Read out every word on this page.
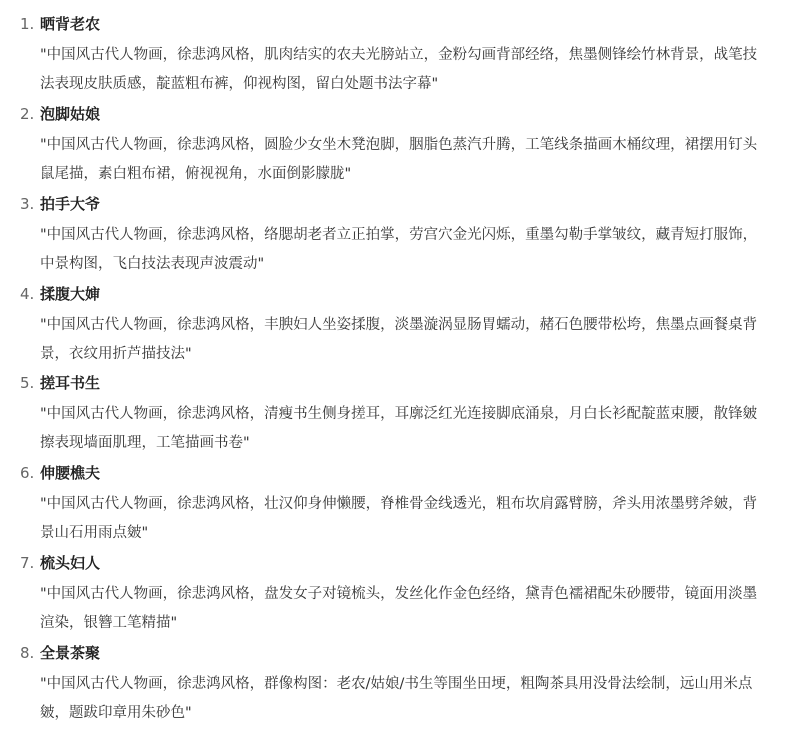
1. 晒背老农
"中国风古代人物画，徐悲鸿风格，肌肉结实的农夫光膀站立，金粉勾画背部经络，焦墨侧锋绘竹林背景，战笔技法表现皮肤质感，靛蓝粗布裤，仰视构图，留白处题书法字幕"
2. 泡脚姑娘
"中国风古代人物画，徐悲鸿风格，圆脸少女坐木凳泡脚，胭脂色蒸汽升腾，工笔线条描画木桶纹理，裙摆用钉头鼠尾描，素白粗布裙，俯视视角，水面倒影朦胧"
3. 拍手大爷
"中国风古代人物画，徐悲鸿风格，络腮胡老者立正拍掌，劳宫穴金光闪烁，重墨勾勒手掌皱纹，藏青短打服饰，中景构图，飞白技法表现声波震动"
4. 揉腹大婶
"中国风古代人物画，徐悲鸿风格，丰腴妇人坐姿揉腹，淡墨漩涡显肠胃蠕动，赭石色腰带松垮，焦墨点画餐桌背景，衣纹用折芦描技法"
5. 搓耳书生
"中国风古代人物画，徐悲鸿风格，清瘦书生侧身搓耳，耳廓泛红光连接脚底涌泉，月白长衫配靛蓝束腰，散锋皴擦表现墙面肌理，工笔描画书卷"
6. 伸腰樵夫
"中国风古代人物画，徐悲鸿风格，壮汉仰身伸懒腰，脊椎骨金线透光，粗布坎肩露臂膀，斧头用浓墨劈斧皴，背景山石用雨点皴"
7. 梳头妇人
"中国风古代人物画，徐悲鸿风格，盘发女子对镜梳头，发丝化作金色经络，黛青色襦裙配朱砂腰带，镜面用淡墨渲染，银簪工笔精描"
8. 全景茶聚
"中国风古代人物画，徐悲鸿风格，群像构图：老农/姑娘/书生等围坐田埂，粗陶茶具用没骨法绘制，远山用米点皴，题跋印章用朱砂色"
